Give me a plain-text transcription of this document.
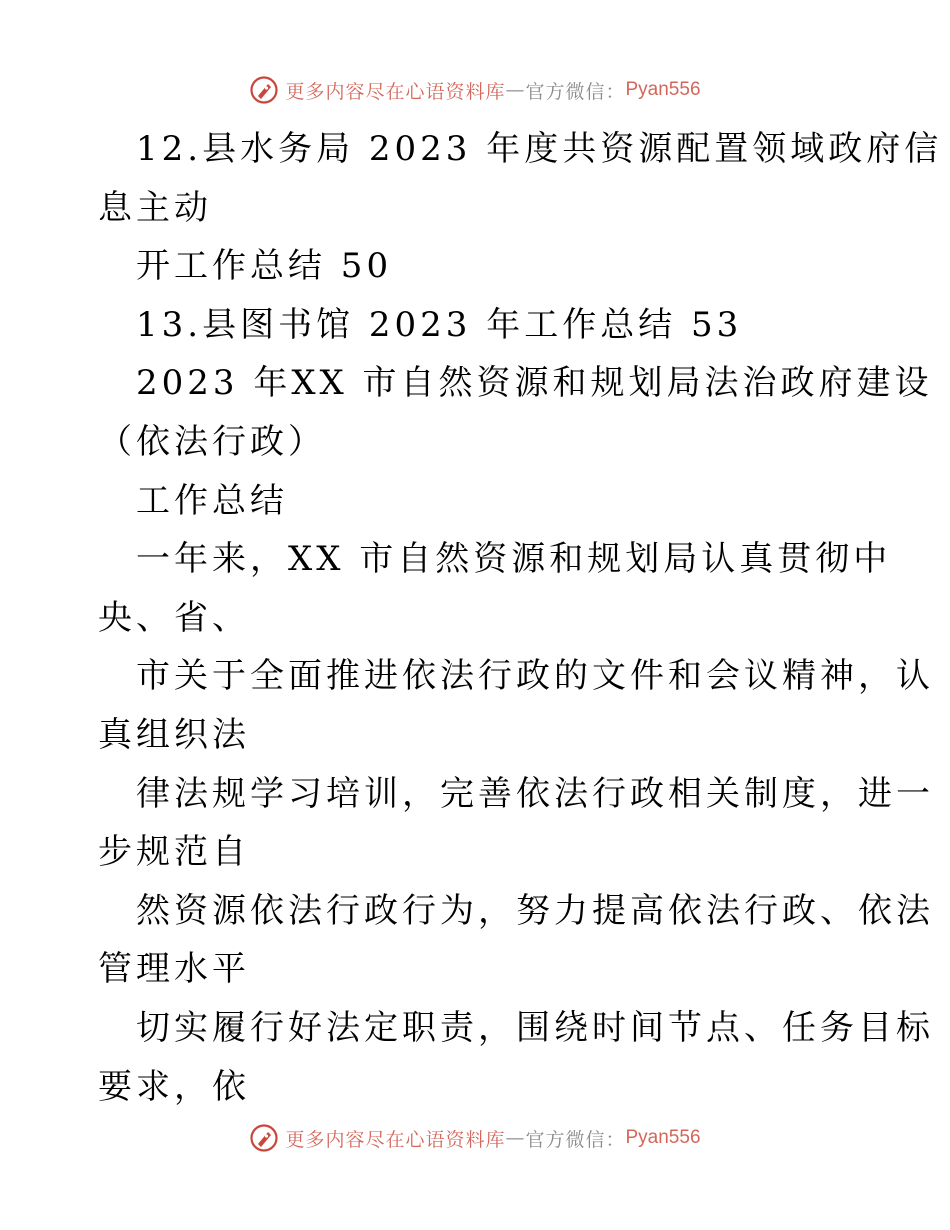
更多内容尽在心语资料库 — 官方微信： Pyan556
12.县水务局 2023 年度共资源配置领域政府信
息主动
开工作总结 50
13.县图书馆 2023 年工作总结 53
2023 年XX 市自然资源和规划局法治政府建设
（依法行政）
工作总结
一年来，XX 市自然资源和规划局认真贯彻中
央、省、
市关于全面推进依法行政的文件和会议精神，认
真组织法
律法规学习培训，完善依法行政相关制度，进一
步规范自
然资源依法行政行为，努力提高依法行政、依法
管理水平
切实履行好法定职责，围绕时间节点、任务目标
要求，依
更多内容尽在心语资料库 — 官方微信： Pyan556
